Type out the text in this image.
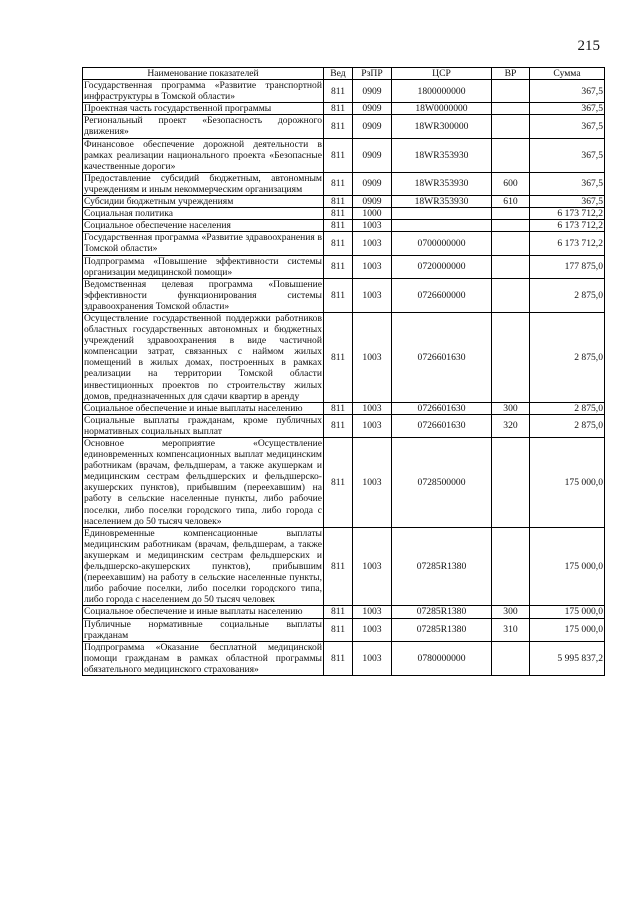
215
Наименование показателей	Вед	РзПР	ЦСР	ВР	Сумма
Государственная программа «Развитие транспортной инфраструктуры в Томской области»	811	0909	1800000000		367,5
Проектная часть государственной программы	811	0909	18W0000000		367,5
Региональный проект «Безопасность дорожного движения»	811	0909	18WR300000		367,5
Финансовое обеспечение дорожной деятельности в рамках реализации национального проекта «Безопасные качественные дороги»	811	0909	18WR353930		367,5
Предоставление субсидий бюджетным, автономным учреждениям и иным некоммерческим организациям	811	0909	18WR353930	600	367,5
Субсидии бюджетным учреждениям	811	0909	18WR353930	610	367,5
Социальная политика	811	1000			6 173 712,2
Социальное обеспечение населения	811	1003			6 173 712,2
Государственная программа «Развитие здравоохранения в Томской области»	811	1003	0700000000		6 173 712,2
Подпрограмма «Повышение эффективности системы организации медицинской помощи»	811	1003	0720000000		177 875,0
Ведомственная целевая программа «Повышение эффективности функционирования системы здравоохранения Томской области»	811	1003	0726600000		2 875,0
Осуществление государственной поддержки работников областных государственных автономных и бюджетных учреждений здравоохранения в виде частичной компенсации затрат, связанных с наймом жилых помещений в жилых домах, построенных в рамках реализации на территории Томской области инвестиционных проектов по строительству жилых домов, предназначенных для сдачи квартир в аренду	811	1003	0726601630		2 875,0
Социальное обеспечение и иные выплаты населению	811	1003	0726601630	300	2 875,0
Социальные выплаты гражданам, кроме публичных нормативных социальных выплат	811	1003	0726601630	320	2 875,0
Основное мероприятие «Осуществление единовременных компенсационных выплат медицинским работникам (врачам, фельдшерам, а также акушеркам и медицинским сестрам фельдшерских и фельдшерско-акушерских пунктов), прибывшим (переехавшим) на работу в сельские населенные пункты, либо рабочие поселки, либо поселки городского типа, либо города с населением до 50 тысяч человек»	811	1003	0728500000		175 000,0
Единовременные компенсационные выплаты медицинским работникам (врачам, фельдшерам, а также акушеркам и медицинским сестрам фельдшерских и фельдшерско-акушерских пунктов), прибывшим (переехавшим) на работу в сельские населенные пункты, либо рабочие поселки, либо поселки городского типа, либо города с населением до 50 тысяч человек	811	1003	07285R1380		175 000,0
Социальное обеспечение и иные выплаты населению	811	1003	07285R1380	300	175 000,0
Публичные нормативные социальные выплаты гражданам	811	1003	07285R1380	310	175 000,0
Подпрограмма «Оказание бесплатной медицинской помощи гражданам в рамках областной программы обязательного медицинского страхования»	811	1003	0780000000		5 995 837,2
